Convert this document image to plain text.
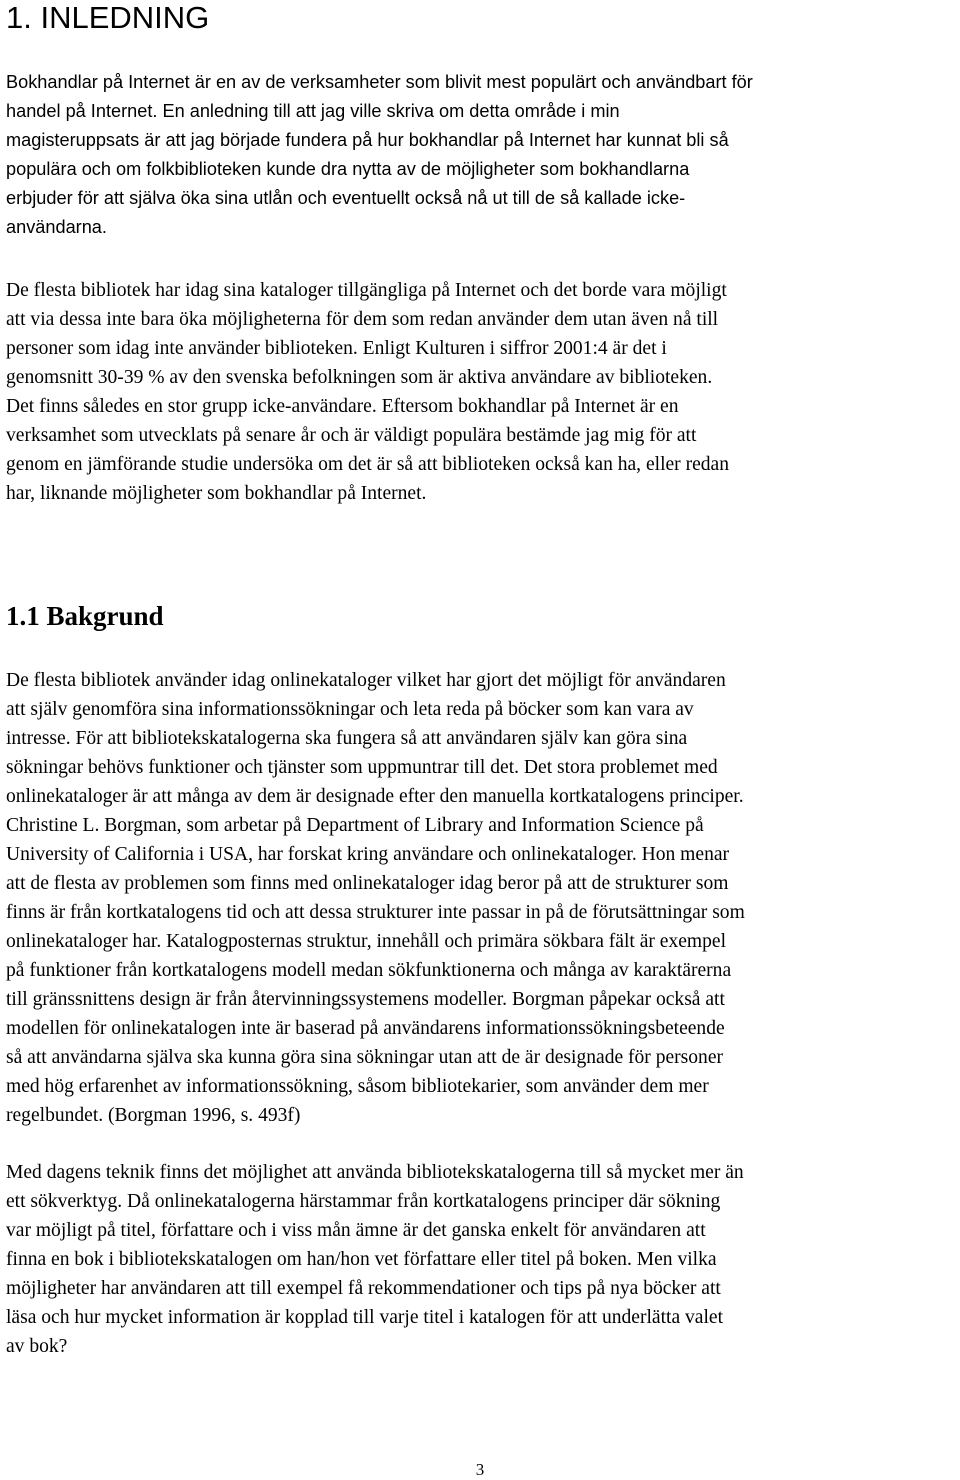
1. INLEDNING
Bokhandlar på Internet är en av de verksamheter som blivit mest populärt och användbart för
handel på Internet. En anledning till att jag ville skriva om detta område i min
magisteruppsats är att jag började fundera på hur bokhandlar på Internet har kunnat bli så
populära och om folkbiblioteken kunde dra nytta av de möjligheter som bokhandlarna
erbjuder för att själva öka sina utlån och eventuellt också nå ut till de så kallade icke-
användarna.
De flesta bibliotek har idag sina kataloger tillgängliga på Internet och det borde vara möjligt
att via dessa inte bara öka möjligheterna för dem som redan använder dem utan även nå till
personer som idag inte använder biblioteken. Enligt Kulturen i siffror 2001:4 är det i
genomsnitt 30-39 % av den svenska befolkningen som är aktiva användare av biblioteken.
Det finns således en stor grupp icke-användare. Eftersom bokhandlar på Internet är en
verksamhet som utvecklats på senare år och är väldigt populära bestämde jag mig för att
genom en jämförande studie undersöka om det är så att biblioteken också kan ha, eller redan
har, liknande möjligheter som bokhandlar på Internet.
1.1 Bakgrund
De flesta bibliotek använder idag onlinekataloger vilket har gjort det möjligt för användaren
att själv genomföra sina informationssökningar och leta reda på böcker som kan vara av
intresse. För att bibliotekskatalogerna ska fungera så att användaren själv kan göra sina
sökningar behövs funktioner och tjänster som uppmuntrar till det. Det stora problemet med
onlinekataloger är att många av dem är designade efter den manuella kortkatalogens principer.
Christine L. Borgman, som arbetar på Department of Library and Information Science på
University of California i USA, har forskat kring användare och onlinekataloger. Hon menar
att de flesta av problemen som finns med onlinekataloger idag beror på att de strukturer som
finns är från kortkatalogens tid och att dessa strukturer inte passar in på de förutsättningar som
onlinekataloger har. Katalogposternas struktur, innehåll och primära sökbara fält är exempel
på funktioner från kortkatalogens modell medan sökfunktionerna och många av karaktärerna
till gränssnittens design är från återvinningssystemens modeller. Borgman påpekar också att
modellen för onlinekatalogen inte är baserad på användarens informationssökningsbeteende
så att användarna själva ska kunna göra sina sökningar utan att de är designade för personer
med hög erfarenhet av informationssökning, såsom bibliotekarier, som använder dem mer
regelbundet. (Borgman 1996, s. 493f)
Med dagens teknik finns det möjlighet att använda bibliotekskatalogerna till så mycket mer än
ett sökverktyg. Då onlinekatalogerna härstammar från kortkatalogens principer där sökning
var möjligt på titel, författare och i viss mån ämne är det ganska enkelt för användaren att
finna en bok i bibliotekskatalogen om han/hon vet författare eller titel på boken. Men vilka
möjligheter har användaren att till exempel få rekommendationer och tips på nya böcker att
läsa och hur mycket information är kopplad till varje titel i katalogen för att underlätta valet
av bok?
3
